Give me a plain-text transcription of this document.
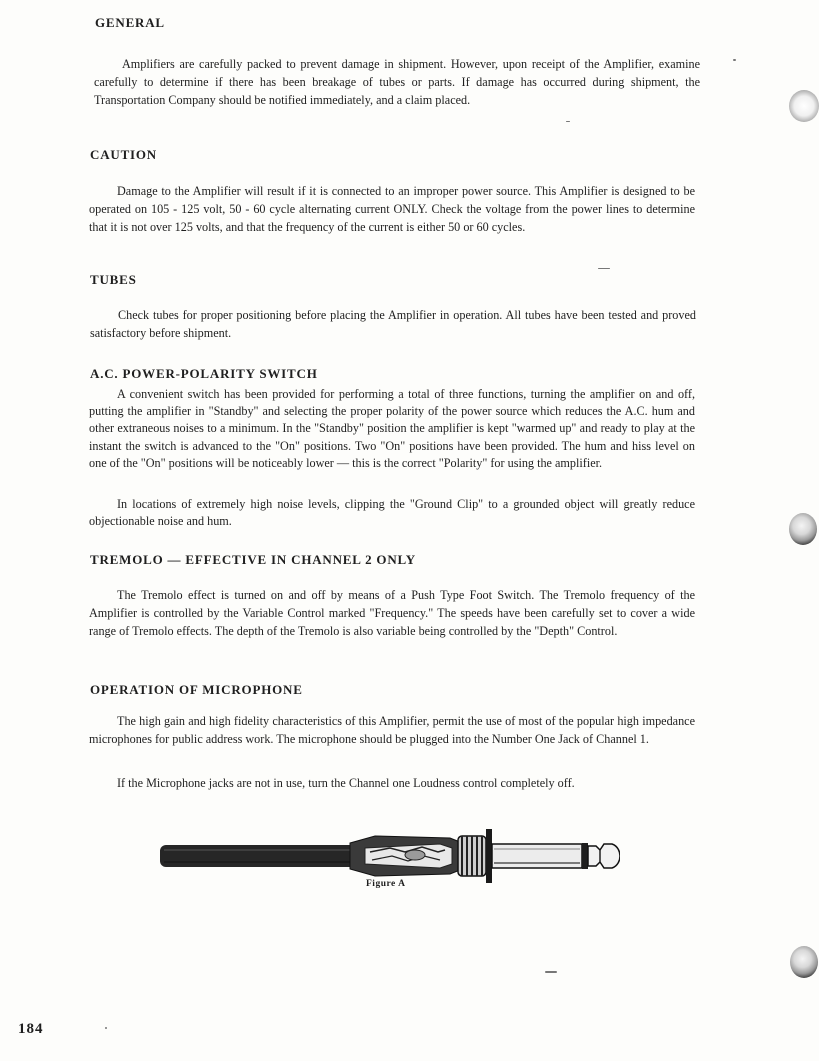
GENERAL

Amplifiers are carefully packed to prevent damage in shipment. However, upon receipt of the Amplifier, examine carefully to determine if there has been breakage of tubes or parts. If damage has occurred during shipment, the Transportation Company should be notified immediately, and a claim placed.

CAUTION

Damage to the Amplifier will result if it is connected to an improper power source. This Amplifier is designed to be operated on 105 - 125 volt, 50 - 60 cycle alternating current ONLY. Check the voltage from the power lines to determine that it is not over 125 volts, and that the frequency of the current is either 50 or 60 cycles.

TUBES

Check tubes for proper positioning before placing the Amplifier in operation. All tubes have been tested and proved satisfactory before shipment.

A.C. POWER-POLARITY SWITCH

A convenient switch has been provided for performing a total of three functions, turning the amplifier on and off, putting the amplifier in "Standby" and selecting the proper polarity of the power source which reduces the A.C. hum and other extraneous noises to a minimum. In the "Standby" position the amplifier is kept "warmed up" and ready to play at the instant the switch is advanced to the "On" positions. Two "On" positions have been provided. The hum and hiss level on one of the "On" positions will be noticeably lower — this is the correct "Polarity" for using the amplifier.

In locations of extremely high noise levels, clipping the "Ground Clip" to a grounded object will greatly reduce objectionable noise and hum.

TREMOLO — EFFECTIVE IN CHANNEL 2 ONLY

The Tremolo effect is turned on and off by means of a Push Type Foot Switch. The Tremolo frequency of the Amplifier is controlled by the Variable Control marked "Frequency." The speeds have been carefully set to cover a wide range of Tremolo effects. The depth of the Tremolo is also variable being controlled by the "Depth" Control.

OPERATION OF MICROPHONE

The high gain and high fidelity characteristics of this Amplifier, permit the use of most of the popular high impedance microphones for public address work. The microphone should be plugged into the Number One Jack of Channel 1.

If the Microphone jacks are not in use, turn the Channel one Loudness control completely off.

Figure A
184
